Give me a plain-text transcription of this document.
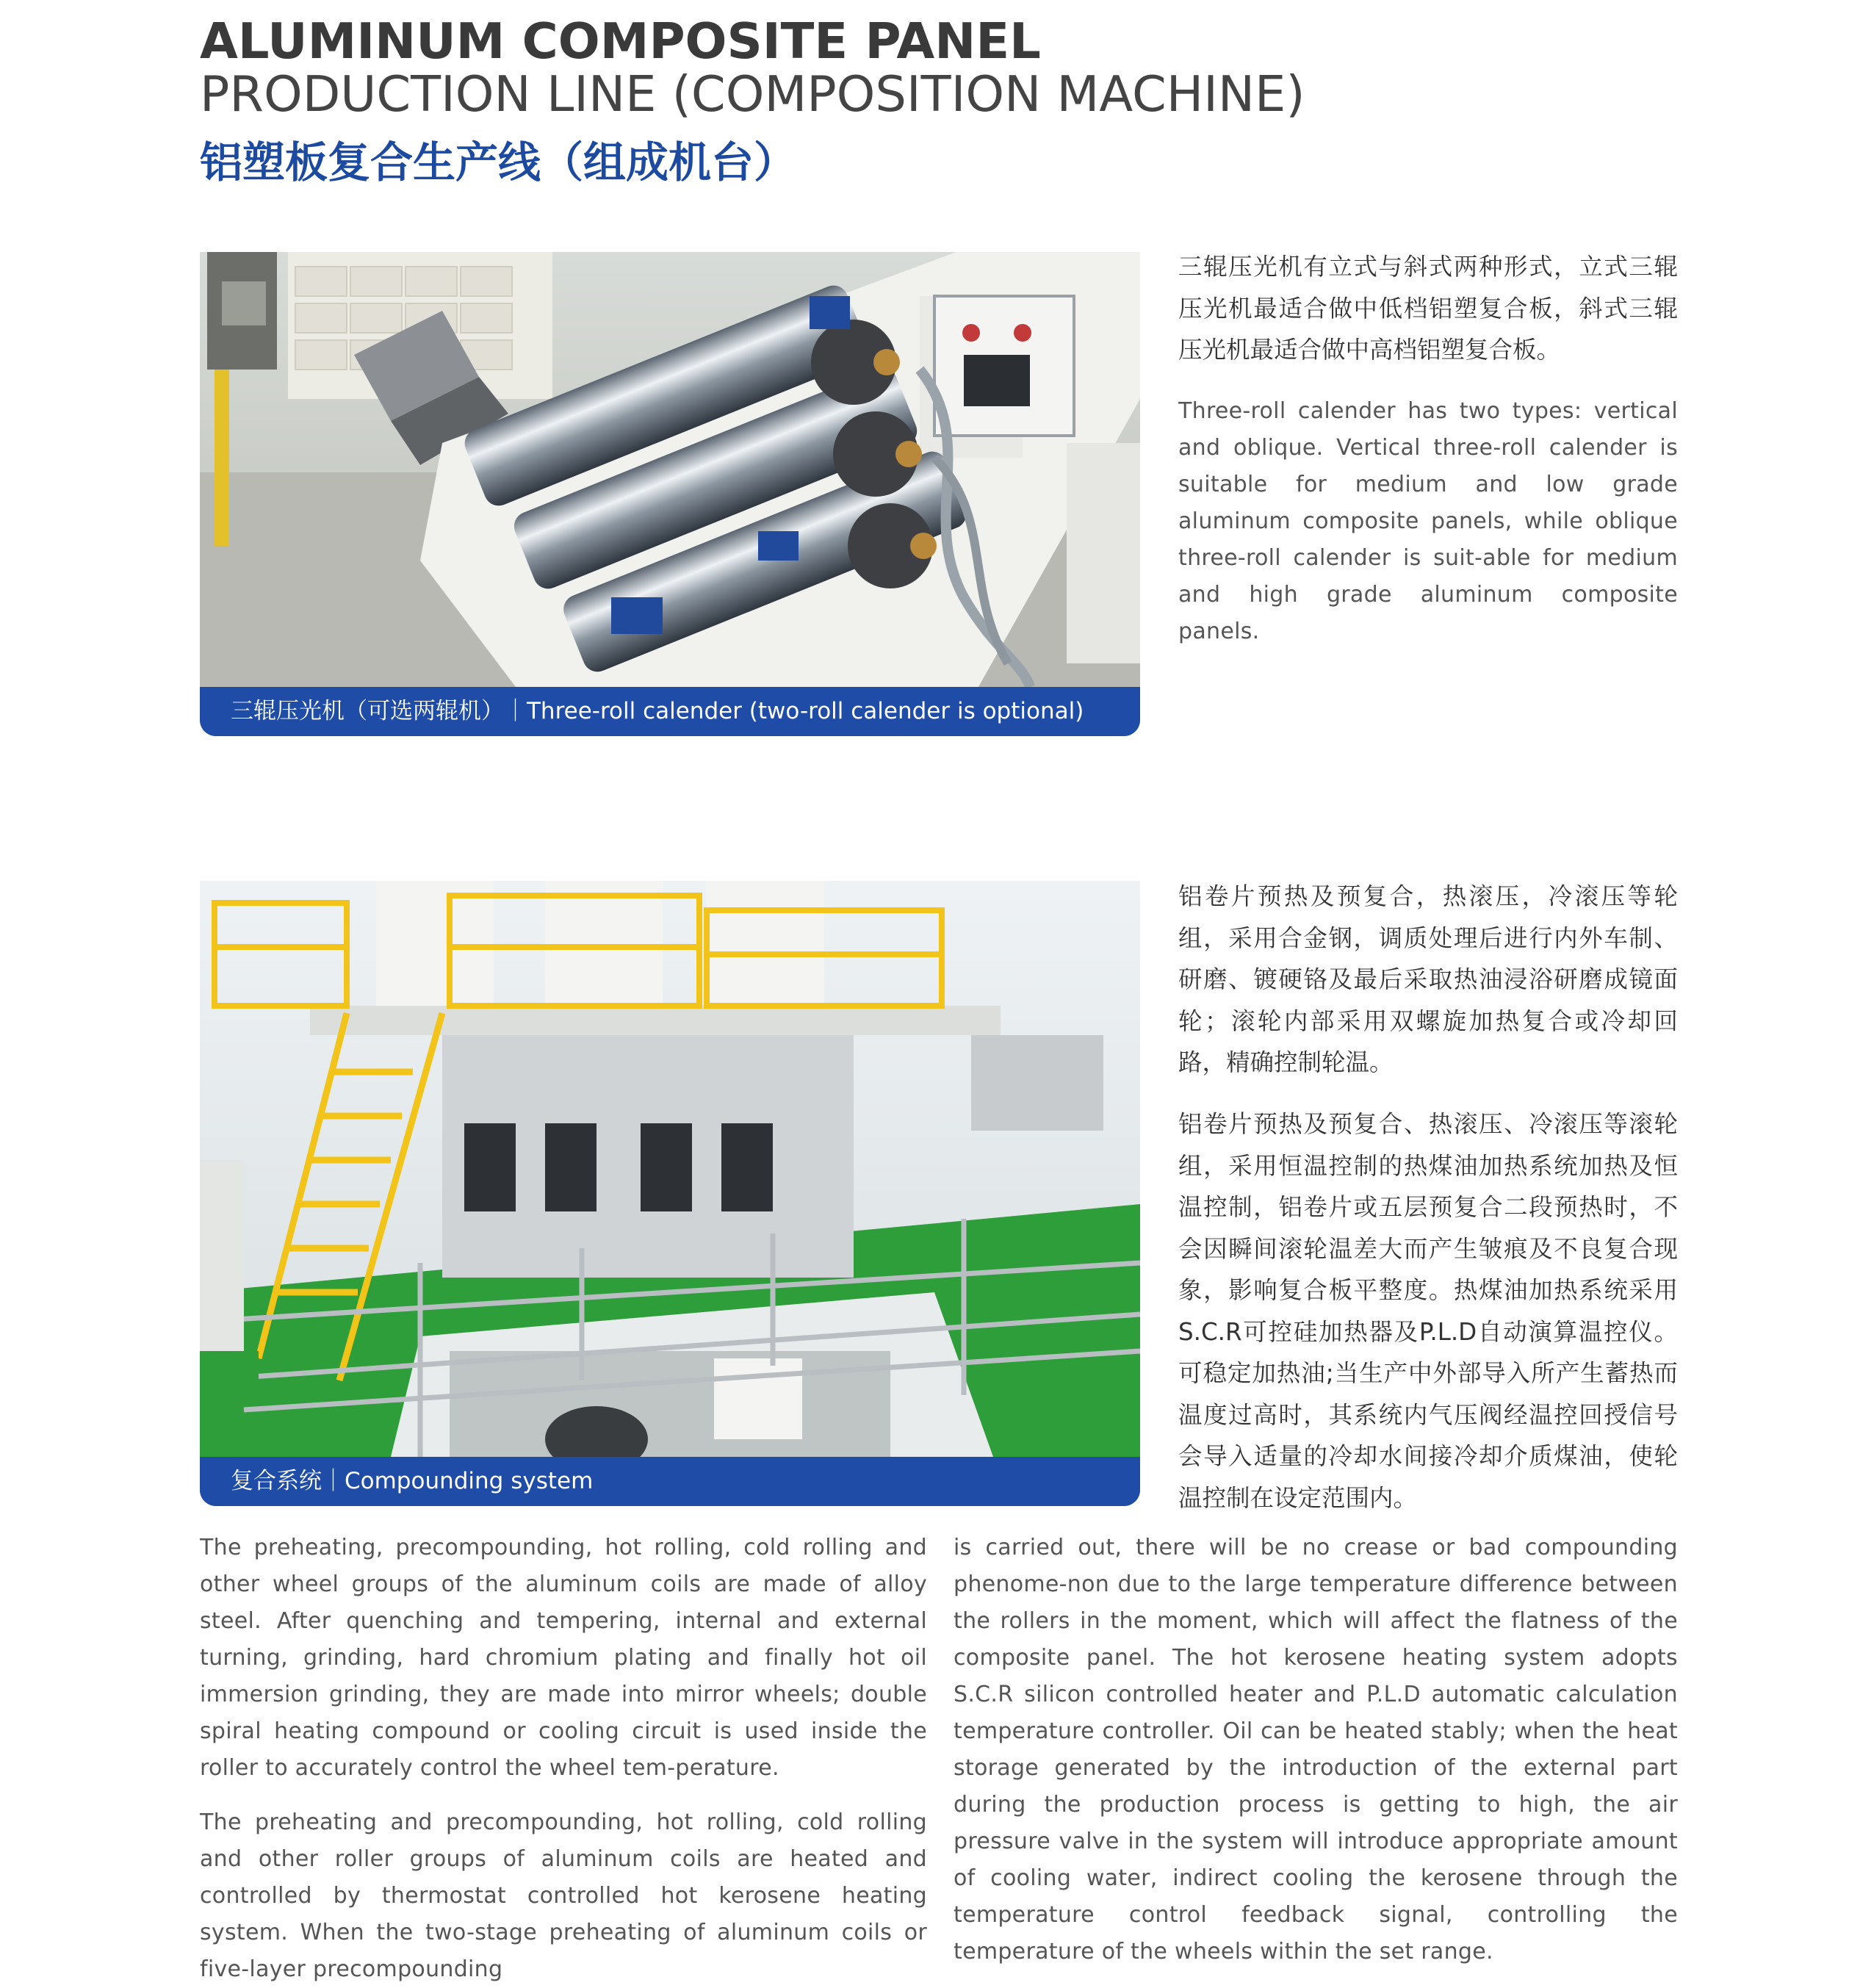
ALUMINUM COMPOSITE PANEL
PRODUCTION LINE (COMPOSITION MACHINE)
铝塑板复合生产线（组成机台）
三辊压光机（可选两辊机）｜Three-roll calender (two-roll calender is optional)
三辊压光机有立式与斜式两种形式，立式三辊压光机最适合做中低档铝塑复合板，斜式三辊压光机最适合做中高档铝塑复合板。
Three-roll calender has two types: vertical and oblique. Vertical three-roll calender is suitable for medium and low grade aluminum composite panels, while oblique three-roll calender is suit-able for medium and high grade aluminum composite panels.
复合系统｜Compounding system
铝卷片预热及预复合，热滚压，冷滚压等轮组，采用合金钢，调质处理后进行内外车制、研磨、镀硬铬及最后采取热油浸浴研磨成镜面轮；滚轮内部采用双螺旋加热复合或冷却回路，精确控制轮温。
铝卷片预热及预复合、热滚压、冷滚压等滚轮组，采用恒温控制的热煤油加热系统加热及恒温控制，铝卷片或五层预复合二段预热时，不会因瞬间滚轮温差大而产生皱痕及不良复合现象，影响复合板平整度。热煤油加热系统采用S.C.R可控硅加热器及P.L.D自动演算温控仪。可稳定加热油;当生产中外部导入所产生蓄热而温度过高时，其系统内气压阀经温控回授信号会导入适量的冷却水间接冷却介质煤油，使轮温控制在设定范围内。

The preheating, precompounding, hot rolling, cold rolling and other wheel groups of the aluminum coils are made of alloy steel. After quenching and tempering, internal and external turning, grinding, hard chromium plating and finally hot oil immersion grinding, they are made into mirror wheels; double spiral heating compound or cooling circuit is used inside the roller to accurately control the wheel tem-perature.

The preheating and precompounding, hot rolling, cold rolling and other roller groups of aluminum coils are heated and controlled by thermostat controlled hot kerosene heating system. When the two-stage preheating of aluminum coils or five-layer precompounding

is carried out, there will be no crease or bad compounding phenome-non due to the large temperature difference between the rollers in the moment, which will affect the flatness of the composite panel. The hot kerosene heating system adopts S.C.R silicon controlled heater and P.L.D automatic calculation temperature controller. Oil can be heated stably; when the heat storage generated by the introduction of the external part during the production process is getting to high, the air pressure valve in the system will introduce appropriate amount of cooling water, indirect cooling the kerosene through the temperature control feedback signal, controlling the temperature of the wheels within the set range.
